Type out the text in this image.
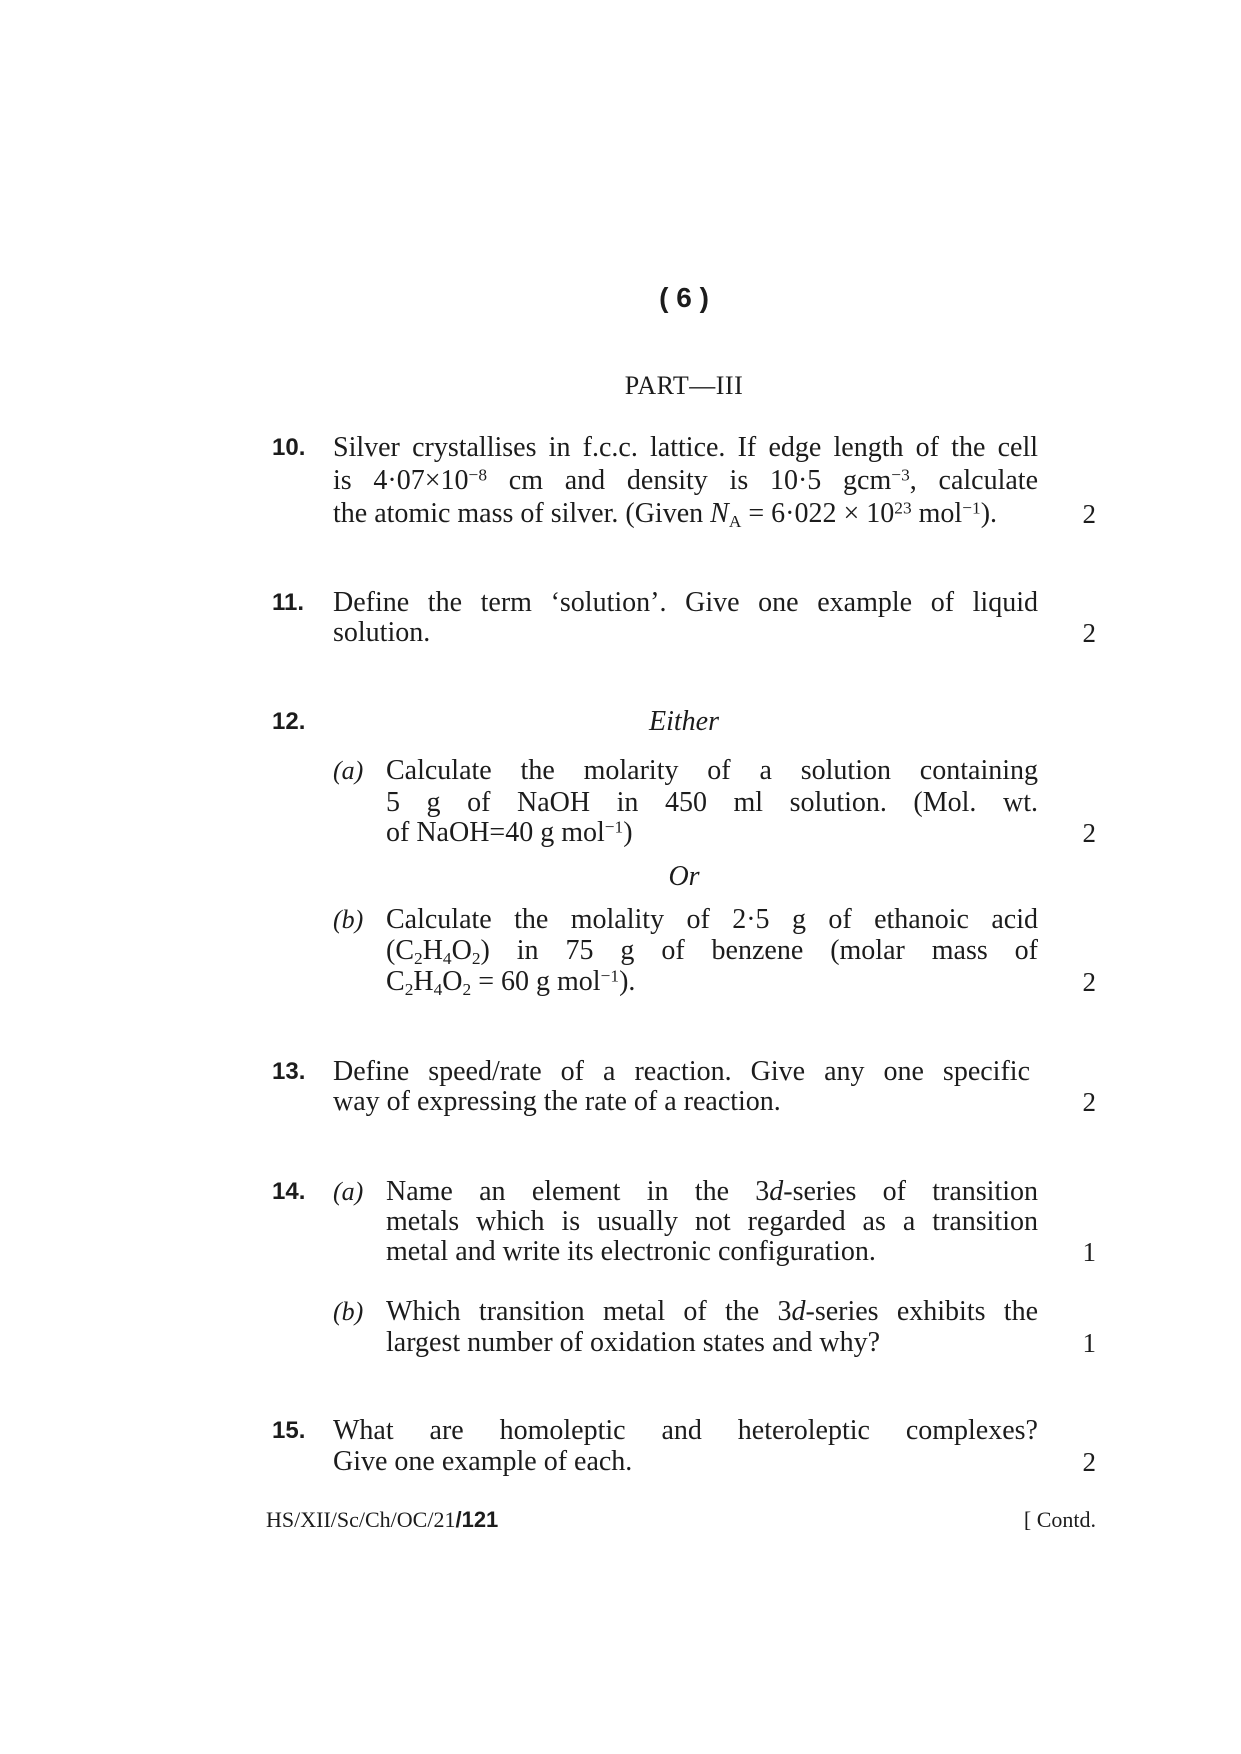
( 6 )
PART—III
10. Silver crystallises in f.c.c. lattice. If edge length of the cell
is $4\cdot 07\times 10^{-8}$ cm and density is 10·5 gcm$^{-3}$, calculate
the atomic mass of silver. (Given $N_A = 6\cdot 022 \times 10^{23}$ mol$^{-1}$).	2
11. Define the term ‘solution’. Give one example of liquid
solution.	2
12.	Either
(a) Calculate the molarity of a solution containing
5 g of NaOH in 450 ml solution. (Mol. wt.
of NaOH=40 g mol$^{-1}$)	2
Or
(b) Calculate the molality of 2·5 g of ethanoic acid
$(C_2H_4O_2)$ in 75 g of benzene (molar mass of
$C_2H_4O_2 = 60$ g mol$^{-1}$).	2
13. Define speed/rate of a reaction. Give any one specific
way of expressing the rate of a reaction.	2
14. (a) Name an element in the 3d-series of transition
metals which is usually not regarded as a transition
metal and write its electronic configuration.	1
(b) Which transition metal of the 3d-series exhibits the
largest number of oxidation states and why?	1
15. What are homoleptic and heteroleptic complexes?
Give one example of each.	2
HS/XII/Sc/Ch/OC/21/121	[ Contd.
